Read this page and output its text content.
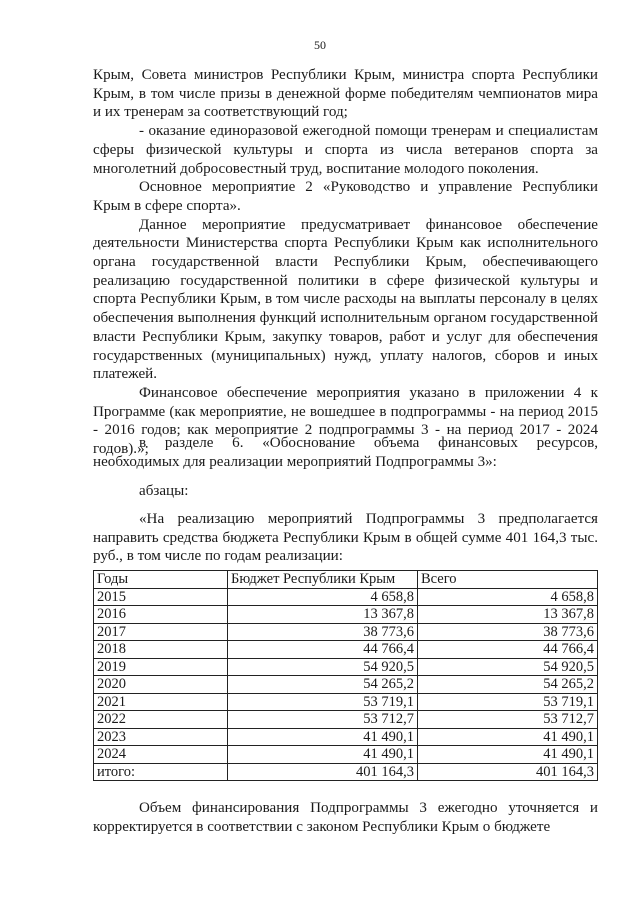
50

Крым, Совета министров Республики Крым, министра спорта Республики Крым, в том числе призы в денежной форме победителям чемпионатов мира и их тренерам за соответствующий год;

- оказание единоразовой ежегодной помощи тренерам и специалистам сферы физической культуры и спорта из числа ветеранов спорта за многолетний добросовестный труд, воспитание молодого поколения.

Основное мероприятие 2 «Руководство и управление Республики Крым в сфере спорта».

Данное мероприятие предусматривает финансовое обеспечение деятельности Министерства спорта Республики Крым как исполнительного органа государственной власти Республики Крым, обеспечивающего реализацию государственной политики в сфере физической культуры и спорта Республики Крым, в том числе расходы на выплаты персоналу в целях обеспечения выполнения функций исполнительным органом государственной власти Республики Крым, закупку товаров, работ и услуг для обеспечения государственных (муниципальных) нужд, уплату налогов, сборов и иных платежей.

Финансовое обеспечение мероприятия указано в приложении 4 к Программе (как мероприятие, не вошедшее в подпрограммы - на период 2015 - 2016 годов; как мероприятие 2 подпрограммы 3 - на период 2017 - 2024 годов).»;

в разделе 6. «Обоснование объема финансовых ресурсов, необходимых для реализации мероприятий Подпрограммы 3»:

абзацы:

«На реализацию мероприятий Подпрограммы 3 предполагается направить средства бюджета Республики Крым в общей сумме 401 164,3 тыс. руб., в том числе по годам реализации:

Годы	Бюджет Республики Крым	Всего
2015	4 658,8	4 658,8
2016	13 367,8	13 367,8
2017	38 773,6	38 773,6
2018	44 766,4	44 766,4
2019	54 920,5	54 920,5
2020	54 265,2	54 265,2
2021	53 719,1	53 719,1
2022	53 712,7	53 712,7
2023	41 490,1	41 490,1
2024	41 490,1	41 490,1
итого:	401 164,3	401 164,3

Объем финансирования Подпрограммы 3 ежегодно уточняется и корректируется в соответствии с законом Республики Крым о бюджете
